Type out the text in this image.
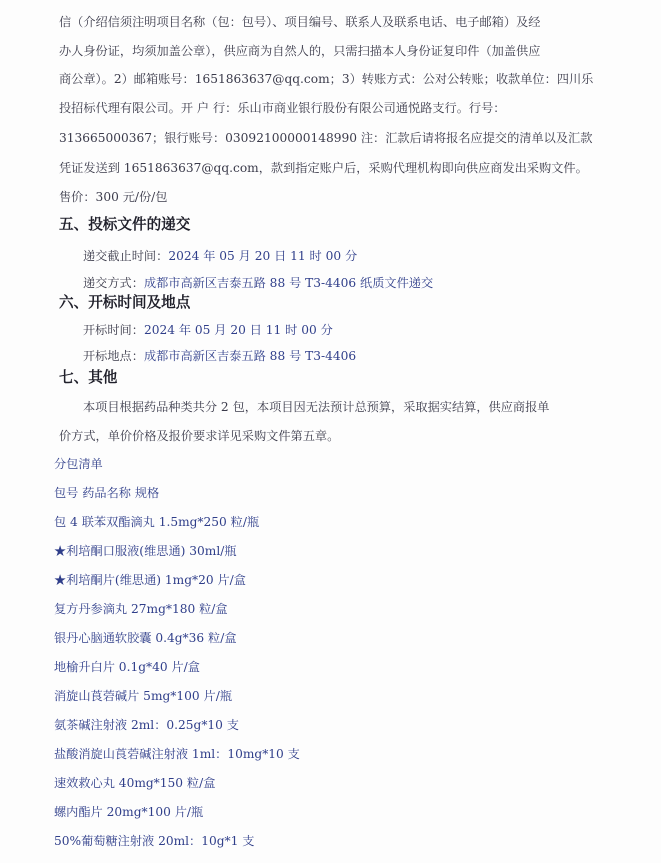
信（介绍信须注明项目名称（包：包号）、项目编号、联系人及联系电话、电子邮箱）及经
办人身份证，均须加盖公章），供应商为自然人的，只需扫描本人身份证复印件（加盖供应
商公章）。2）邮箱账号：1651863637@qq.com；3）转账方式：公对公转账；收款单位：四川乐
投招标代理有限公司。开 户 行：乐山市商业银行股份有限公司通悦路支行。行号：
313665000367；银行账号：03092100000148990 注：汇款后请将报名应提交的清单以及汇款
凭证发送到 1651863637@qq.com，款到指定账户后，采购代理机构即向供应商发出采购文件。
售价：300 元/份/包
五、投标文件的递交
递交截止时间：2024 年 05 月 20 日 11 时 00 分
递交方式：成都市高新区吉泰五路 88 号 T3-4406 纸质文件递交
六、开标时间及地点
开标时间：2024 年 05 月 20 日 11 时 00 分
开标地点：成都市高新区吉泰五路 88 号 T3-4406
七、其他
本项目根据药品种类共分 2 包，本项目因无法预计总预算，采取据实结算，供应商报单
价方式，单价价格及报价要求详见采购文件第五章。
分包清单
包号 药品名称 规格
包 4 联苯双酯滴丸 1.5mg*250 粒/瓶
★利培酮口服液(维思通) 30ml/瓶
★利培酮片(维思通) 1mg*20 片/盒
复方丹参滴丸 27mg*180 粒/盒
银丹心脑通软胶囊 0.4g*36 粒/盒
地榆升白片 0.1g*40 片/盒
消旋山莨菪碱片 5mg*100 片/瓶
氨茶碱注射液 2ml：0.25g*10 支
盐酸消旋山莨菪碱注射液 1ml：10mg*10 支
速效救心丸 40mg*150 粒/盒
螺内酯片 20mg*100 片/瓶
50%葡萄糖注射液 20ml：10g*1 支
